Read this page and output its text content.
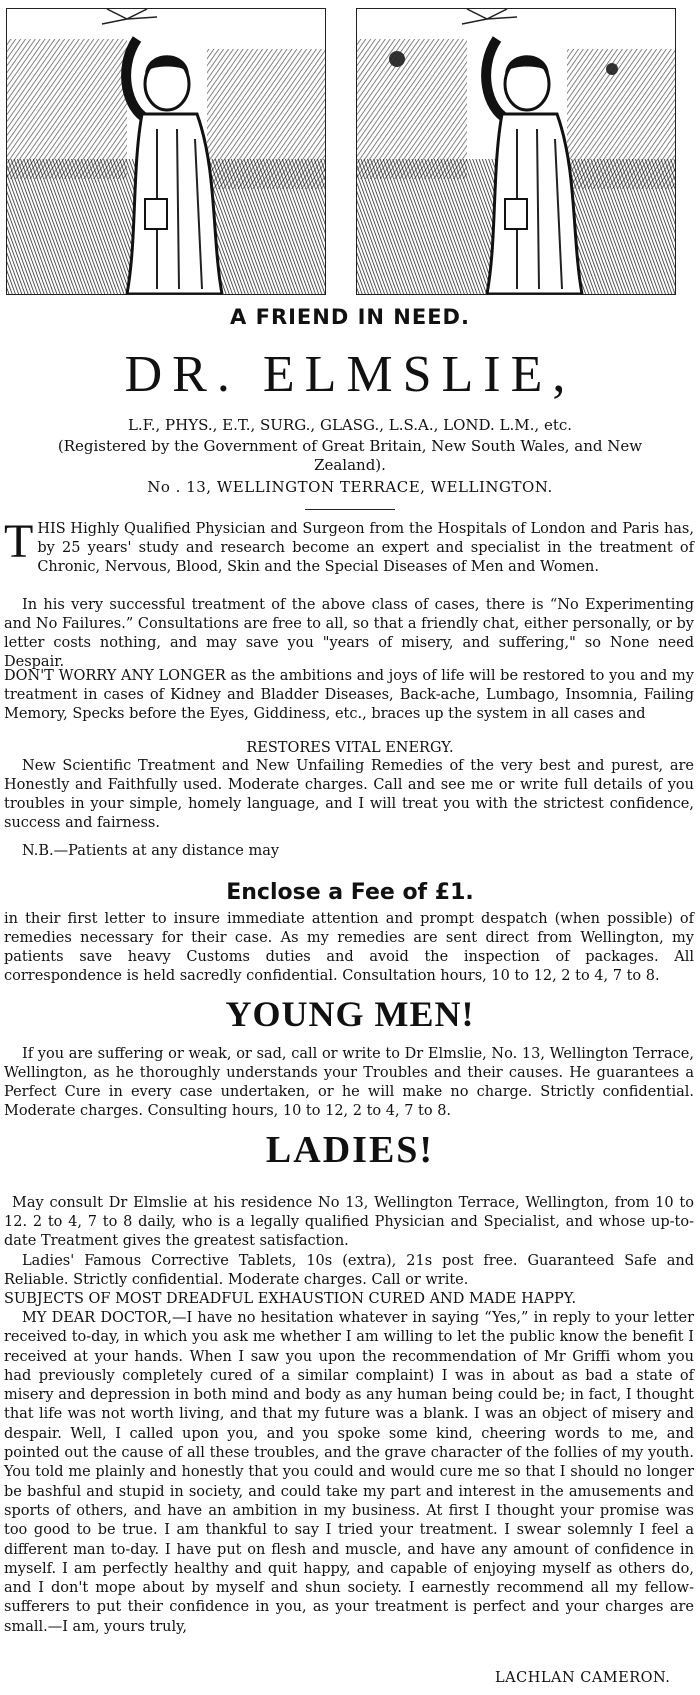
A FRIEND IN NEED.
DR. ELMSLIE,
L.F., PHYS., E.T., SURG., GLASG., L.S.A., LOND. L.M., etc.
(Registered by the Government of Great Britain, New South Wales, and New Zealand).
No . 13, WELLINGTON TERRACE, WELLINGTON.
THIS Highly Qualified Physician and Surgeon from the Hospitals of London and Paris has, by 25 years' study and research become an expert and specialist in the treatment of Chronic, Nervous, Blood, Skin and the Special Diseases of Men and Women.
In his very successful treatment of the above class of cases, there is “No Experimenting and No Failures.” Consultations are free to all, so that a friendly chat, either personally, or by letter costs nothing, and may save you "years of misery, and suffering," so None need Despair.
DON'T WORRY ANY LONGER as the ambitions and joys of life will be restored to you and my treatment in cases of Kidney and Bladder Diseases, Back-ache, Lumbago, Insomnia, Failing Memory, Specks before the Eyes, Giddiness, etc., braces up the system in all cases and
RESTORES VITAL ENERGY.
New Scientific Treatment and New Unfailing Remedies of the very best and purest, are Honestly and Faithfully used. Moderate charges. Call and see me or write full details of you troubles in your simple, homely language, and I will treat you with the strictest confidence, success and fairness.
N.B.—Patients at any distance may
Enclose a Fee of £1.
in their first letter to insure immediate attention and prompt despatch (when possible) of remedies necessary for their case. As my remedies are sent direct from Wellington, my patients save heavy Customs duties and avoid the inspection of packages. All correspondence is held sacredly confidential. Consultation hours, 10 to 12, 2 to 4, 7 to 8.
YOUNG MEN!
If you are suffering or weak, or sad, call or write to Dr Elmslie, No. 13, Wellington Terrace, Wellington, as he thoroughly understands your Troubles and their causes. He guarantees a Perfect Cure in every case undertaken, or he will make no charge. Strictly confidential. Moderate charges. Consulting hours, 10 to 12, 2 to 4, 7 to 8.
LADIES!
May consult Dr Elmslie at his residence No 13, Wellington Terrace, Wellington, from 10 to 12. 2 to 4, 7 to 8 daily, who is a legally qualified Physician and Specialist, and whose up-to-date Treatment gives the greatest satisfaction.
Ladies' Famous Corrective Tablets, 10s (extra), 21s post free. Guaranteed Safe and Reliable. Strictly confidential. Moderate charges. Call or write.
SUBJECTS OF MOST DREADFUL EXHAUSTION CURED AND MADE HAPPY.
MY DEAR DOCTOR,—I have no hesitation whatever in saying “Yes,” in reply to your letter received to-day, in which you ask me whether I am willing to let the public know the benefit I received at your hands. When I saw you upon the recommendation of Mr Griffi whom you had previously completely cured of a similar complaint) I was in about as bad a state of misery and depression in both mind and body as any human being could be; in fact, I thought that life was not worth living, and that my future was a blank. I was an object of misery and despair. Well, I called upon you, and you spoke some kind, cheering words to me, and pointed out the cause of all these troubles, and the grave character of the follies of my youth. You told me plainly and honestly that you could and would cure me so that I should no longer be bashful and stupid in society, and could take my part and interest in the amusements and sports of others, and have an ambition in my business. At first I thought your promise was too good to be true. I am thankful to say I tried your treatment. I swear solemnly I feel a different man to-day. I have put on flesh and muscle, and have any amount of confidence in myself. I am perfectly healthy and quit happy, and capable of enjoying myself as others do, and I don't mope about by myself and shun society. I earnestly recommend all my fellow-sufferers to put their confidence in you, as your treatment is perfect and your charges are small.—I am, yours truly,
LACHLAN CAMERON.
